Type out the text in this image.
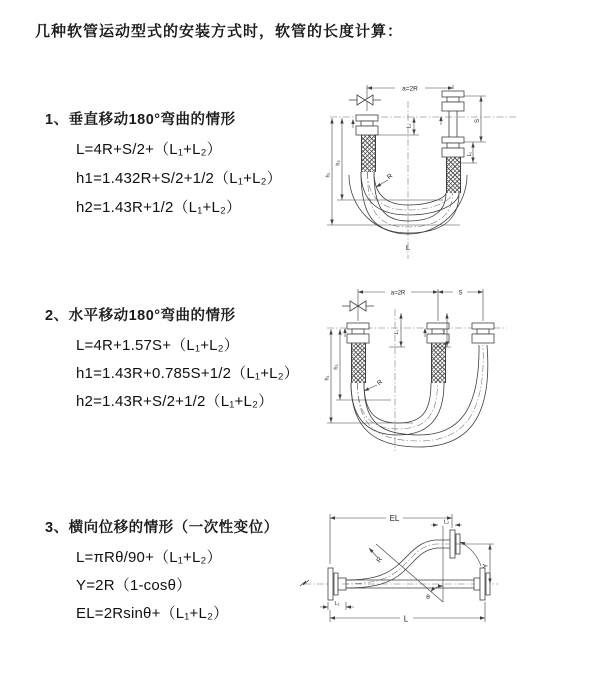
几种软管运动型式的安装方式时，软管的长度计算：
1、垂直移动180°弯曲的情形
L=4R+S/2+（L₁+L₂）
h1=1.432R+S/2+1/2（L₁+L₂）
h2=1.43R+1/2（L₁+L₂）
2、水平移动180°弯曲的情形
L=4R+1.57S+（L₁+L₂）
h1=1.43R+0.785S+1/2（L₁+L₂）
h2=1.43R+S/2+1/2（L₁+L₂）
3、横向位移的情形（一次性变位）
L=πRθ/90+（L₁+L₂）
Y=2R（1-cosθ）
EL=2Rsinθ+（L₁+L₂）
a=2R
L₁
S
L₂
h₁
h₂
R
L
a=2R	S
L₁	L₂
h₁
h₂
R
L₁
EL	L₂
Y
L
θ
R
